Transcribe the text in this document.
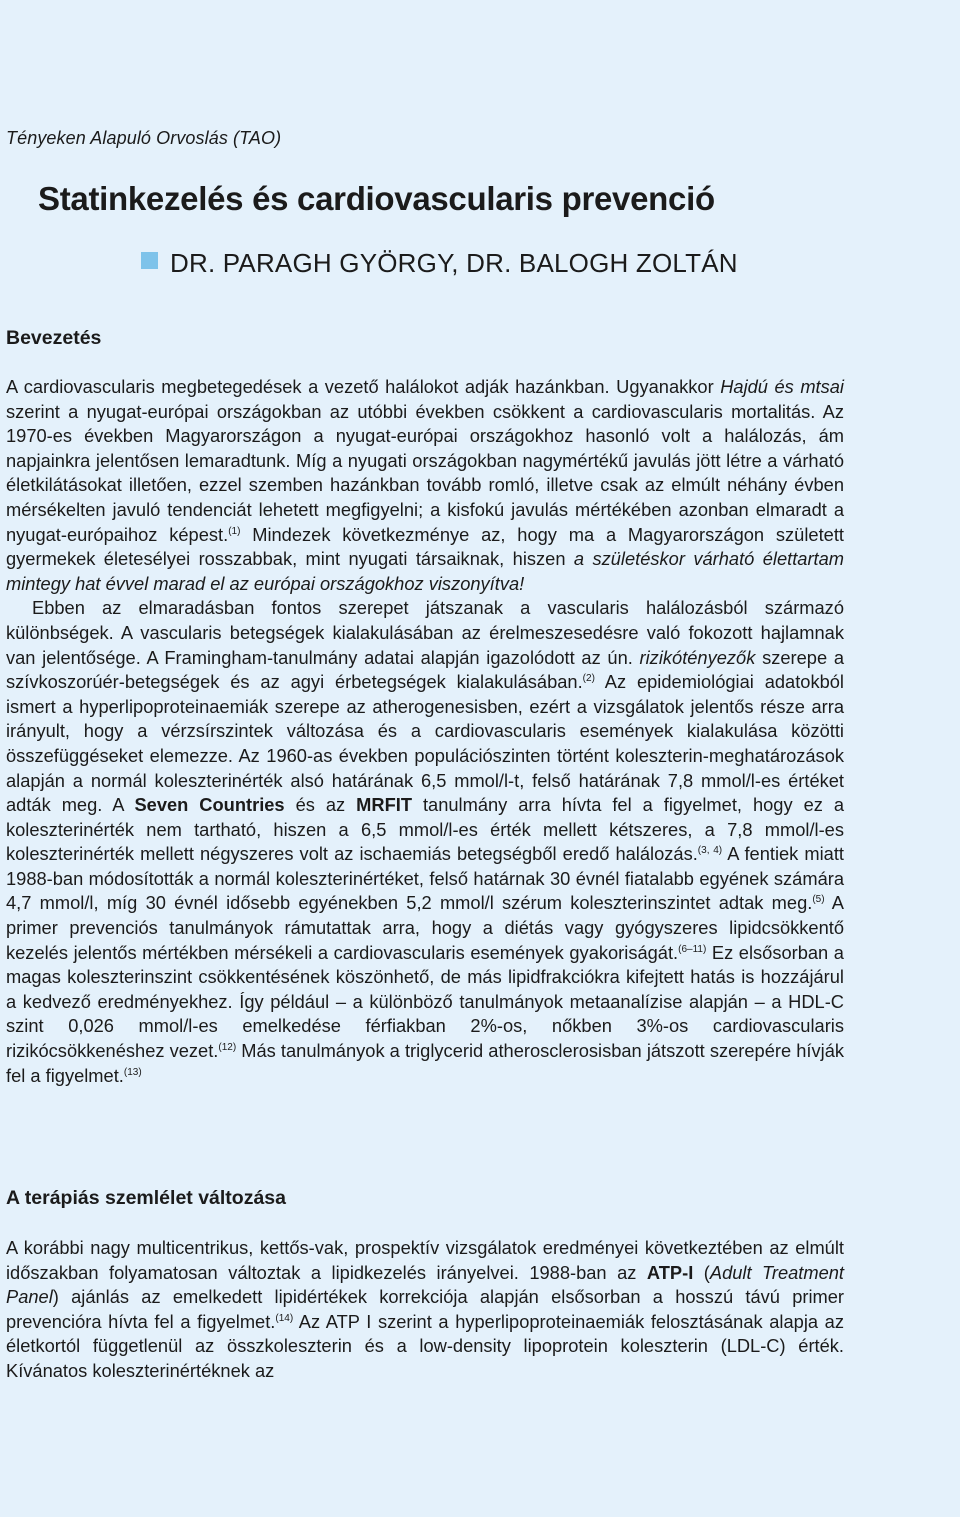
Tényeken Alapuló Orvoslás (TAO)
Statinkezelés és cardiovascularis prevenció
DR. PARAGH GYÖRGY, DR. BALOGH ZOLTÁN
Bevezetés

A cardiovascularis megbetegedések a vezető halálokot adják hazánkban. Ugyanakkor Hajdú és mtsai szerint a nyugat-európai országokban az utóbbi években csökkent a cardiovascularis mortalitás. Az 1970-es években Magyarországon a nyugat-európai országokhoz hasonló volt a halálozás, ám napjainkra jelentősen lemaradtunk. Míg a nyugati országokban nagymértékű javulás jött létre a várható életkilátásokat illetően, ezzel szemben hazánkban tovább romló, illetve csak az elmúlt néhány évben mérsékelten javuló tendenciát lehetett megfigyelni; a kisfokú javulás mértékében azonban elmaradt a nyugat-európaihoz képest.$^{(1)}$ Mindezek következménye az, hogy ma a Magyarországon született gyermekek életesélyei rosszabbak, mint nyugati társaiknak, hiszen a születéskor várható élettartam mintegy hat évvel marad el az európai országokhoz viszonyítva!

Ebben az elmaradásban fontos szerepet játszanak a vascularis halálozásból származó különbségek. A vascularis betegségek kialakulásában az érelmeszesedésre való fokozott hajlamnak van jelentősége. A Framingham-tanulmány adatai alapján igazolódott az ún. rizikótényezők szerepe a szívkoszorúér-betegségek és az agyi érbetegségek kialakulásában.$^{(2)}$ Az epidemiológiai adatokból ismert a hyperlipoproteinaemiák szerepe az atherogenesisben, ezért a vizsgálatok jelentős része arra irányult, hogy a vérzsírszintek változása és a cardiovascularis események kialakulása közötti összefüggéseket elemezze. Az 1960-as években populációszinten történt koleszterin-meghatározások alapján a normál koleszterinérték alsó határának 6,5 mmol/l-t, felső határának 7,8 mmol/l-es értéket adták meg. A Seven Countries és az MRFIT tanulmány arra hívta fel a figyelmet, hogy ez a koleszterinérték nem tartható, hiszen a 6,5 mmol/l-es érték mellett kétszeres, a 7,8 mmol/l-es koleszterinérték mellett négyszeres volt az ischaemiás betegségből eredő halálozás.$^{(3, 4)}$ A fentiek miatt 1988-ban módosították a normál koleszterinértéket, felső határnak 30 évnél fiatalabb egyének számára 4,7 mmol/l, míg 30 évnél idősebb egyénekben 5,2 mmol/l szérum koleszterinszintet adtak meg.$^{(5)}$ A primer prevenciós tanulmányok rámutattak arra, hogy a diétás vagy gyógyszeres lipidcsökkentő kezelés jelentős mértékben mérsékeli a cardiovascularis események gyakoriságát.$^{(6-11)}$ Ez elsősorban a magas koleszterinszint csökkentésének köszönhető, de más lipidfrakciókra kifejtett hatás is hozzájárul a kedvező eredményekhez. Így például – a különböző tanulmányok metaanalízise alapján – a HDL-C szint 0,026 mmol/l-es emelkedése férfiakban 2%-os, nőkben 3%-os cardiovascularis rizikócsökkenéshez vezet.$^{(12)}$ Más tanulmányok a triglycerid atherosclerosisban játszott szerepére hívják fel a figyelmet.$^{(13)}$

A terápiás szemlélet változása

A korábbi nagy multicentrikus, kettős-vak, prospektív vizsgálatok eredményei következtében az elmúlt időszakban folyamatosan változtak a lipidkezelés irányelvei. 1988-ban az ATP-I (Adult Treatment Panel) ajánlás az emelkedett lipidértékek korrekciója alapján elsősorban a hosszú távú primer prevencióra hívta fel a figyelmet.$^{(14)}$ Az ATP I szerint a hyperlipoproteinaemiák felosztásának alapja az életkortól függetlenül az összkoleszterin és a low-density lipoprotein koleszterin (LDL-C) érték. Kívánatos koleszterinértéknek az
